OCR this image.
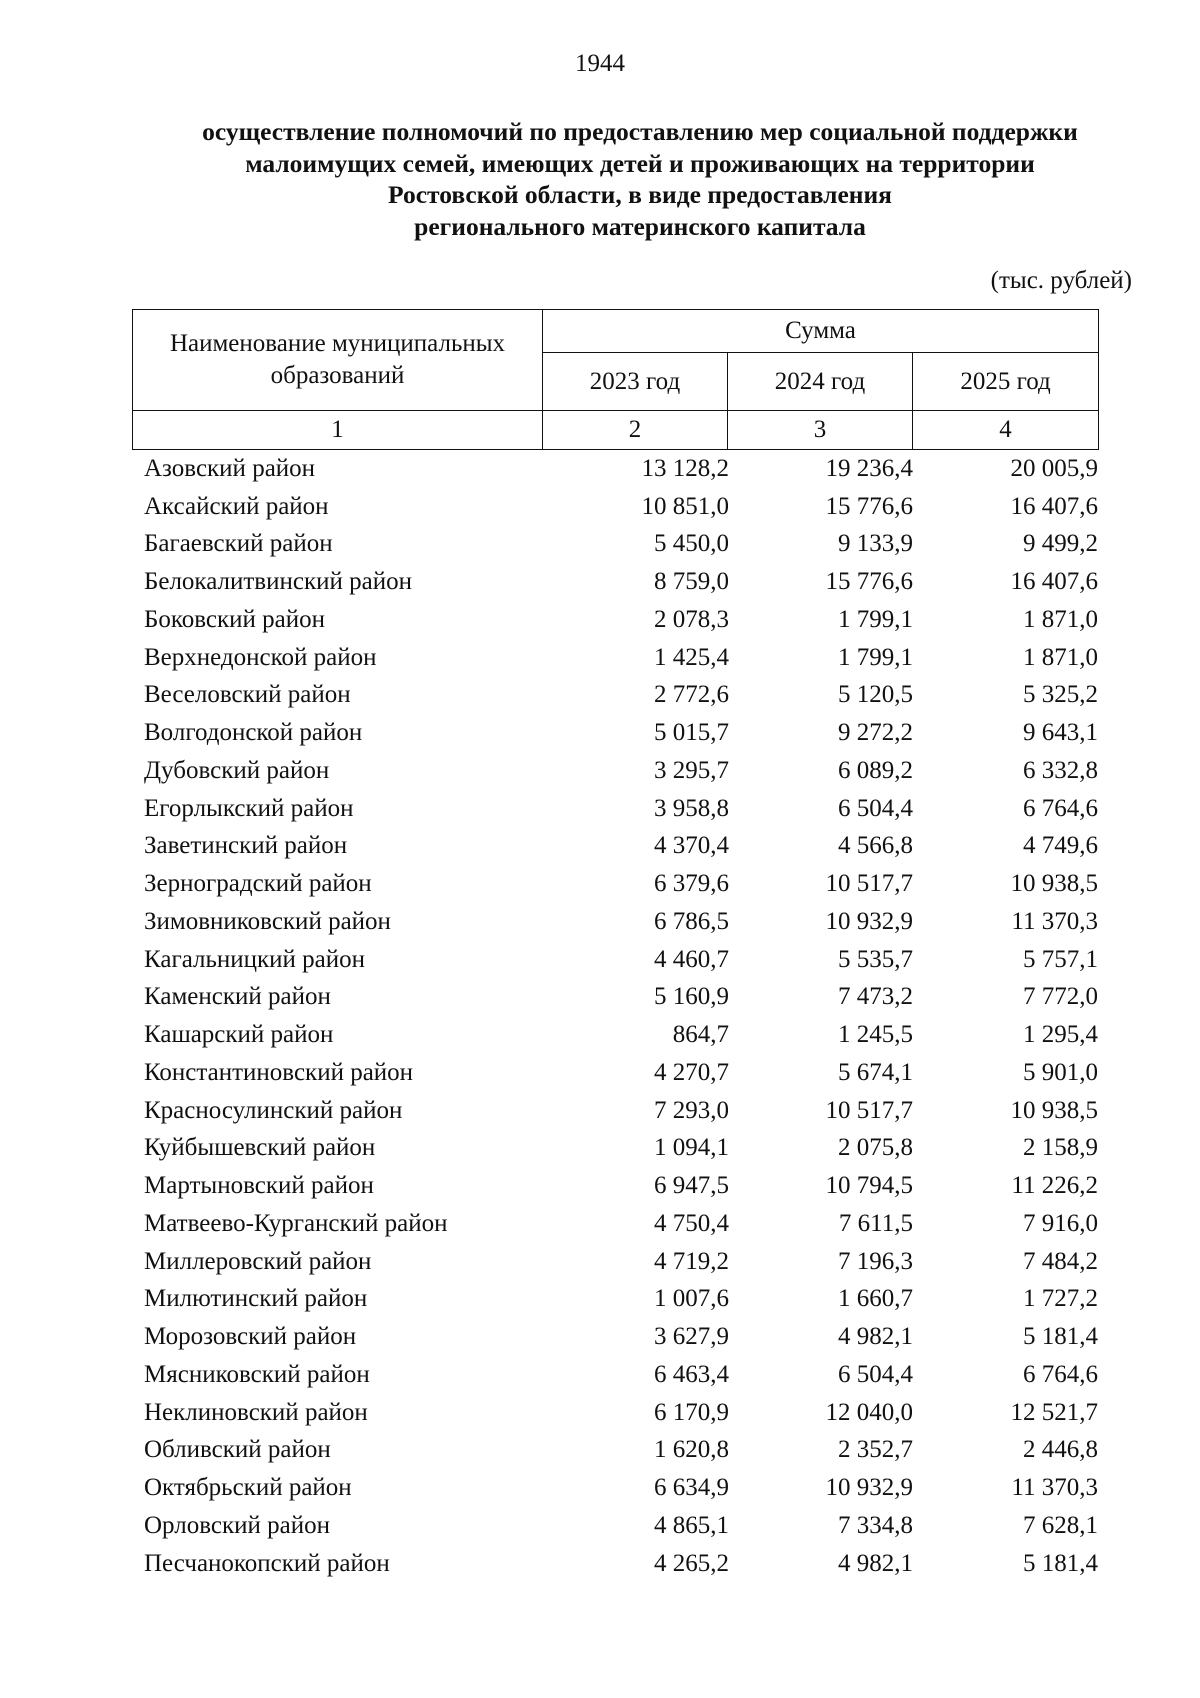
1944
осуществление полномочий по предоставлению мер социальной поддержки
малоимущих семей, имеющих детей и проживающих на территории
Ростовской области, в виде предоставления
регионального материнского капитала
(тыс. рублей)
Наименование муниципальных образований	Сумма		
	2023 год	2024 год	2025 год
1	2	3	4
Азовский район	13 128,2	19 236,4	20 005,9
Аксайский район	10 851,0	15 776,6	16 407,6
Багаевский район	5 450,0	9 133,9	9 499,2
Белокалитвинский район	8 759,0	15 776,6	16 407,6
Боковский район	2 078,3	1 799,1	1 871,0
Верхнедонской район	1 425,4	1 799,1	1 871,0
Веселовский район	2 772,6	5 120,5	5 325,2
Волгодонской район	5 015,7	9 272,2	9 643,1
Дубовский район	3 295,7	6 089,2	6 332,8
Егорлыкский район	3 958,8	6 504,4	6 764,6
Заветинский район	4 370,4	4 566,8	4 749,6
Зерноградский район	6 379,6	10 517,7	10 938,5
Зимовниковский район	6 786,5	10 932,9	11 370,3
Кагальницкий район	4 460,7	5 535,7	5 757,1
Каменский район	5 160,9	7 473,2	7 772,0
Кашарский район	864,7	1 245,5	1 295,4
Константиновский район	4 270,7	5 674,1	5 901,0
Красносулинский район	7 293,0	10 517,7	10 938,5
Куйбышевский район	1 094,1	2 075,8	2 158,9
Мартыновский район	6 947,5	10 794,5	11 226,2
Матвеево-Курганский район	4 750,4	7 611,5	7 916,0
Миллеровский район	4 719,2	7 196,3	7 484,2
Милютинский район	1 007,6	1 660,7	1 727,2
Морозовский район	3 627,9	4 982,1	5 181,4
Мясниковский район	6 463,4	6 504,4	6 764,6
Неклиновский район	6 170,9	12 040,0	12 521,7
Обливский район	1 620,8	2 352,7	2 446,8
Октябрьский район	6 634,9	10 932,9	11 370,3
Орловский район	4 865,1	7 334,8	7 628,1
Песчанокопский район	4 265,2	4 982,1	5 181,4
